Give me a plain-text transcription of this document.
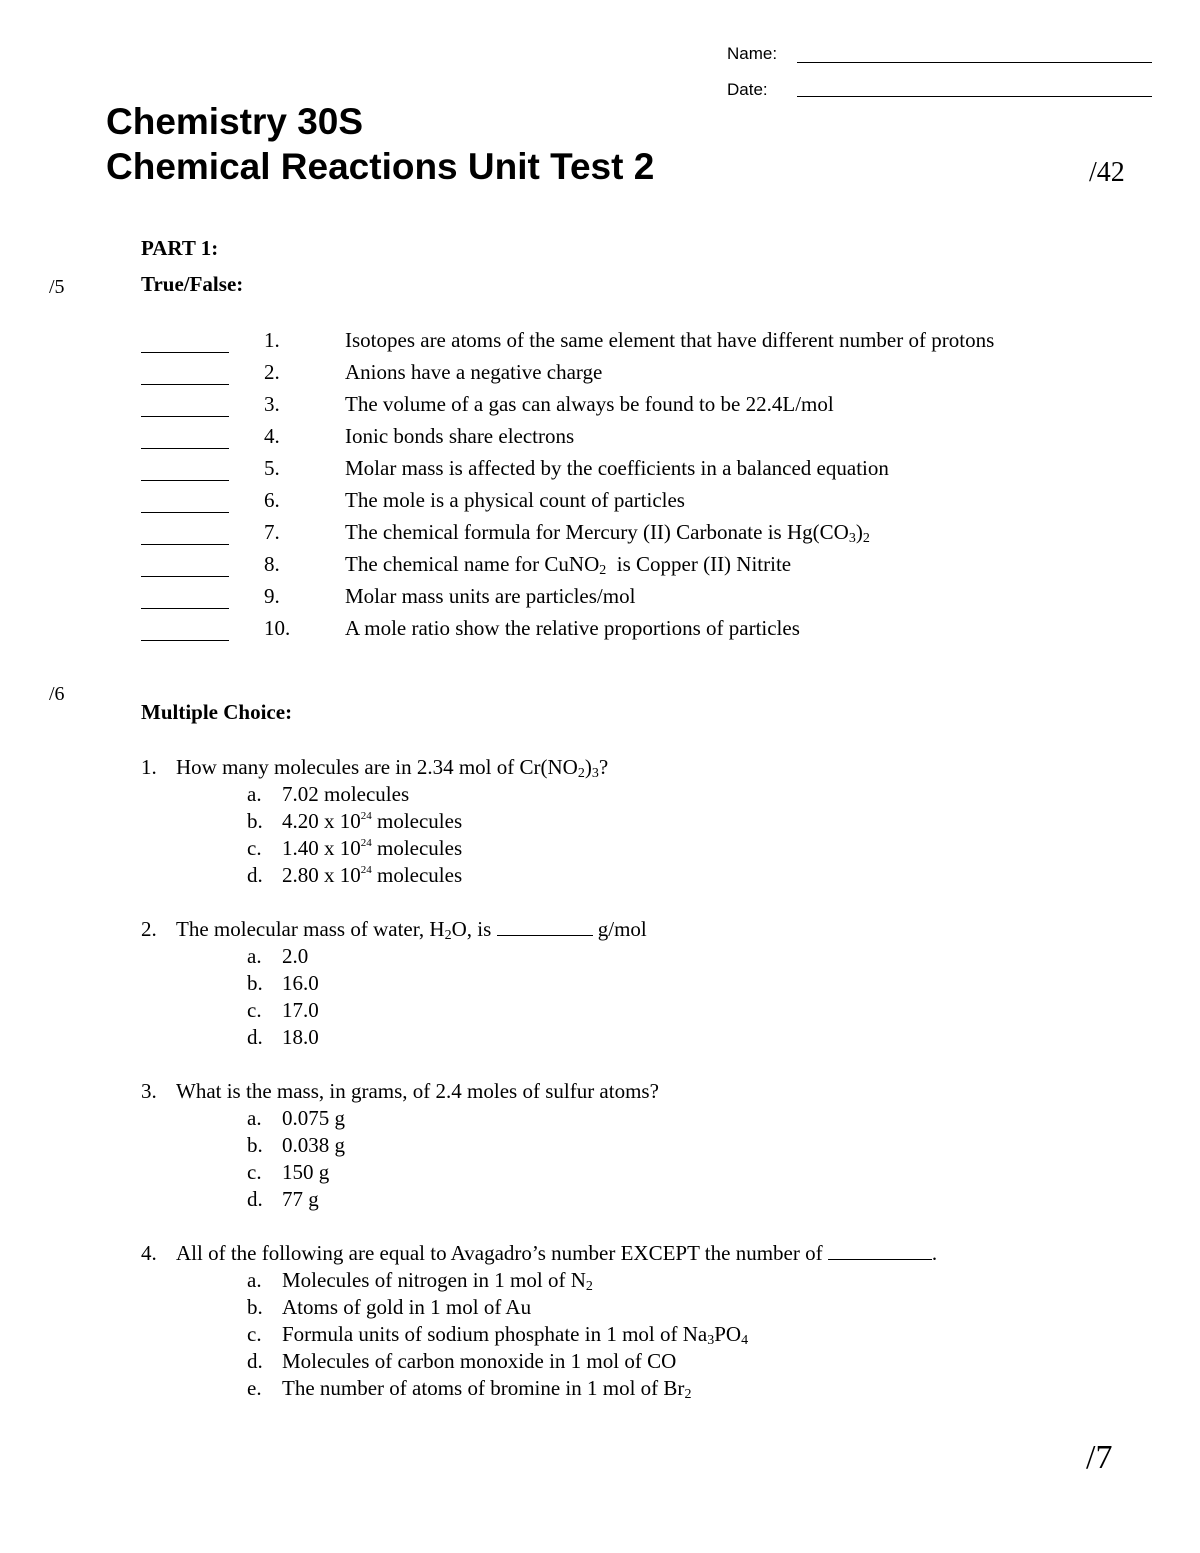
Name:
Date:
Chemistry 30S
Chemical Reactions Unit Test 2	/42
PART 1:
True/False:
/5
1.	Isotopes are atoms of the same element that have different number of protons
2.	Anions have a negative charge
3.	The volume of a gas can always be found to be 22.4L/mol
4.	Ionic bonds share electrons
5.	Molar mass is affected by the coefficients in a balanced equation
6.	The mole is a physical count of particles
7.	The chemical formula for Mercury (II) Carbonate is $Hg(CO_3)_2$
8.	The chemical name for CuNO$_2$  is Copper (II) Nitrite
9.	Molar mass units are particles/mol
10.	A mole ratio show the relative proportions of particles
/6
Multiple Choice:
1. How many molecules are in 2.34 mol of $Cr(NO_2)_3$?
a. 7.02 molecules
b. 4.20 x $10^{24}$ molecules
c. 1.40 x $10^{24}$ molecules
d. 2.80 x $10^{24}$ molecules
2. The molecular mass of water, $H_2O$, is	g/mol
a. 2.0
b. 16.0
c. 17.0
d. 18.0
3. What is the mass, in grams, of 2.4 moles of sulfur atoms?
a. 0.075 g
b. 0.038 g
c. 150 g
d. 77 g
4. All of the following are equal to Avagadro’s number EXCEPT the number of	.
a. Molecules of nitrogen in 1 mol of $N_2$
b. Atoms of gold in 1 mol of Au
c. Formula units of sodium phosphate in 1 mol of $Na_3PO_4$
d. Molecules of carbon monoxide in 1 mol of CO
e. The number of atoms of bromine in 1 mol of $Br_2$
/7
